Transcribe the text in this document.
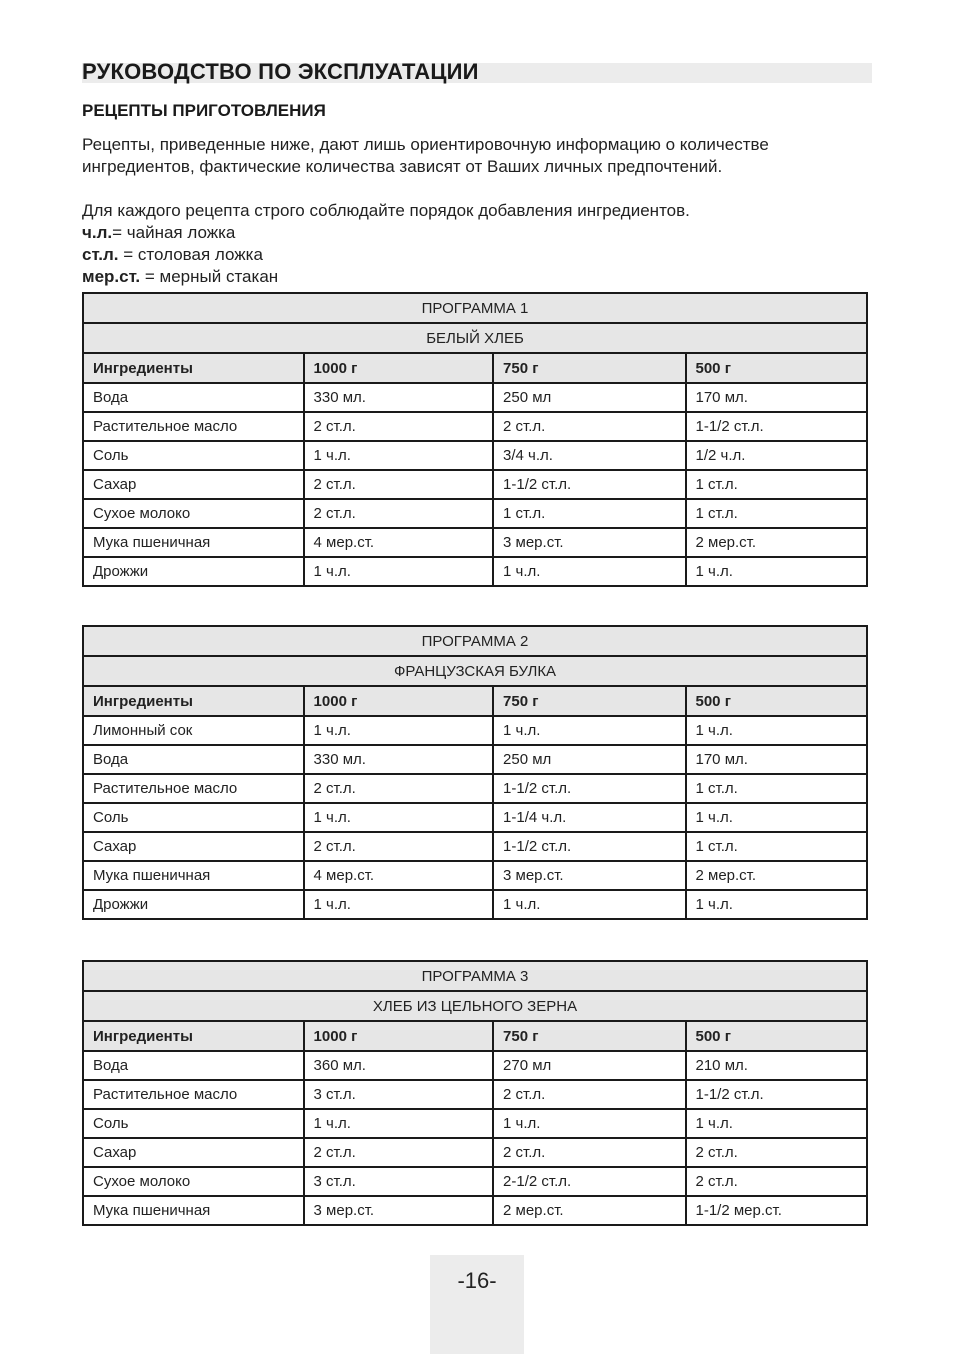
РУКОВОДСТВО ПО ЭКСПЛУАТАЦИИ
РЕЦЕПТЫ ПРИГОТОВЛЕНИЯ

Рецепты, приведенные ниже, дают лишь ориентировочную информацию о количестве

ингредиентов, фактические количества зависят от Ваших личных предпочтений.

Для каждого рецепта строго соблюдайте порядок добавления ингредиентов.

ч.л.= чайная ложка

ст.л. = столовая ложка

мер.ст. = мерный стакан

ПРОГРАММА 1			
БЕЛЫЙ ХЛЕБ			
Ингредиенты	1000 г	750 г	500 г
Вода	330 мл.	250 мл	170 мл.
Растительное масло	2 ст.л.	2 ст.л.	1-1/2 ст.л.
Соль	1 ч.л.	3/4 ч.л.	1/2 ч.л.
Сахар	2 ст.л.	1-1/2 ст.л.	1 ст.л.
Сухое молоко	2 ст.л.	1 ст.л.	1 ст.л.
Мука пшеничная	4 мер.ст.	3 мер.ст.	2 мер.ст.
Дрожжи	1 ч.л.	1 ч.л.	1 ч.л.
ПРОГРАММА 2			
ФРАНЦУЗСКАЯ БУЛКА			
Ингредиенты	1000 г	750 г	500 г
Лимонный сок	1 ч.л.	1 ч.л.	1 ч.л.
Вода	330 мл.	250 мл	170 мл.
Растительное масло	2 ст.л.	1-1/2 ст.л.	1 ст.л.
Соль	1 ч.л.	1-1/4 ч.л.	1 ч.л.
Сахар	2 ст.л.	1-1/2 ст.л.	1 ст.л.
Мука пшеничная	4 мер.ст.	3 мер.ст.	2 мер.ст.
Дрожжи	1 ч.л.	1 ч.л.	1 ч.л.
ПРОГРАММА 3			
ХЛЕБ ИЗ ЦЕЛЬНОГО ЗЕРНА			
Ингредиенты	1000 г	750 г	500 г
Вода	360 мл.	270 мл	210 мл.
Растительное масло	3 ст.л.	2 ст.л.	1-1/2 ст.л.
Соль	1 ч.л.	1 ч.л.	1 ч.л.
Сахар	2 ст.л.	2 ст.л.	2 ст.л.
Сухое молоко	3 ст.л.	2-1/2 ст.л.	2 ст.л.
Мука пшеничная	3 мер.ст.	2 мер.ст.	1-1/2 мер.ст.
-16-
